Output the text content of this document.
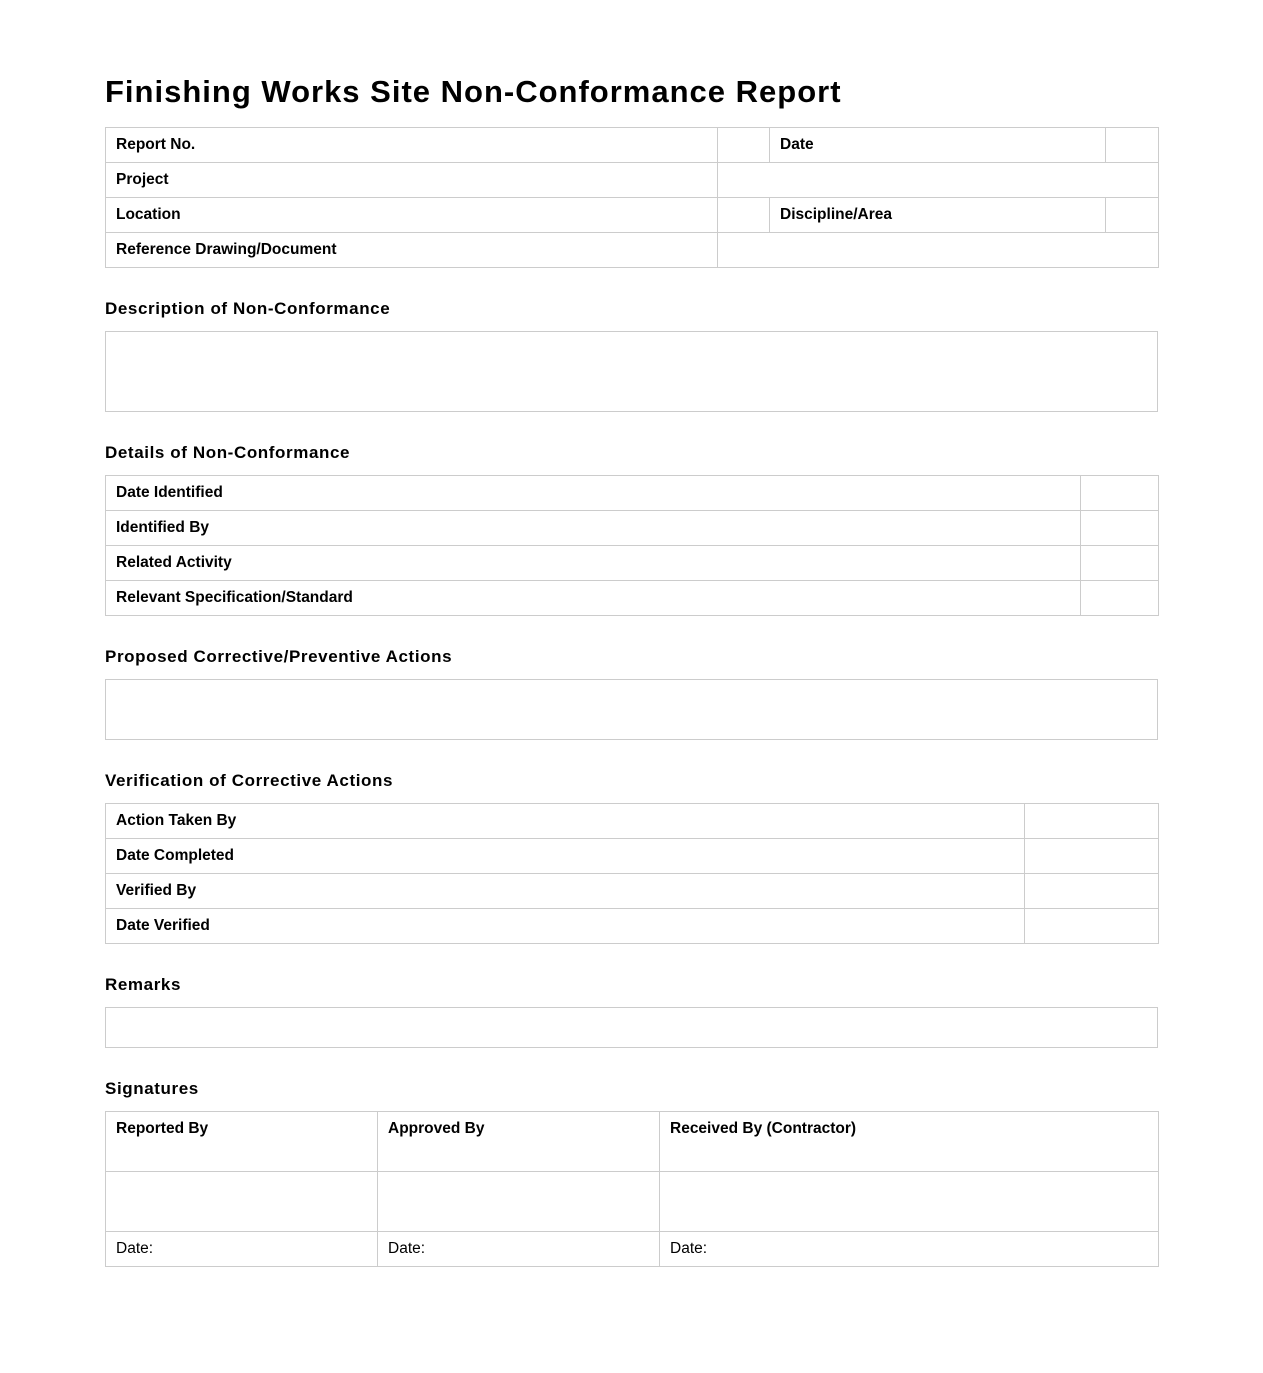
Finishing Works Site Non-Conformance Report
Report No.		Date	
Project			
Location		Discipline/Area	
Reference Drawing/Document			
Description of Non-Conformance
Details of Non-Conformance
Date Identified	
Identified By	
Related Activity	
Relevant Specification/Standard	
Proposed Corrective/Preventive Actions
Verification of Corrective Actions
Action Taken By	
Date Completed	
Verified By	
Date Verified	
Remarks
Signatures
Reported By	Approved By	Received By (Contractor)

Date:	Date:	Date:
